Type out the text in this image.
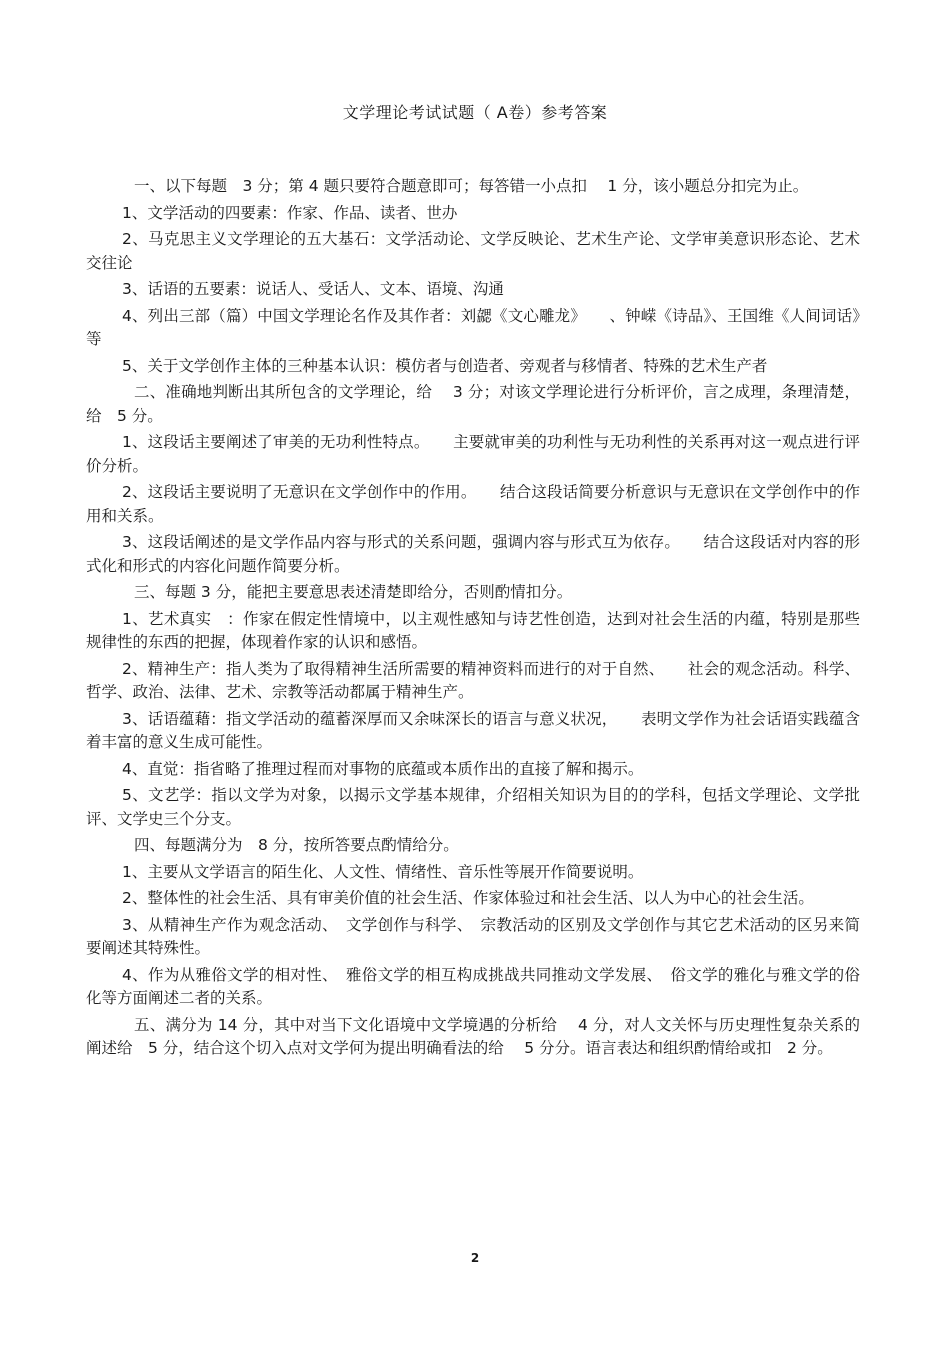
文学理论考试试题（ A卷）参考答案

一、以下每题　3 分；第 4 题只要符合题意即可；每答错一小点扣　 1 分，该小题总分扣完为止。

1、文学活动的四要素：作家、作品、读者、世办

2、马克思主义文学理论的五大基石：文学活动论、文学反映论、艺术生产论、文学审美意识形态论、艺术交往论

3、话语的五要素：说话人、受话人、文本、语境、沟通

4、列出三部（篇）中国文学理论名作及其作者：刘勰《文心雕龙》　　、钟嵘《诗品》、王国维《人间词话》等

5、关于文学创作主体的三种基本认识：模仿者与创造者、旁观者与移情者、特殊的艺术生产者

二、准确地判断出其所包含的文学理论，给　 3 分；对该文学理论进行分析评价，言之成理，条理清楚，给　5 分。

1、这段话主要阐述了审美的无功利性特点。　　主要就审美的功利性与无功利性的关系再对这一观点进行评价分析。

2、这段话主要说明了无意识在文学创作中的作用。　　结合这段话简要分析意识与无意识在文学创作中的作用和关系。

3、这段话阐述的是文学作品内容与形式的关系问题，强调内容与形式互为依存。　　结合这段话对内容的形式化和形式的内容化问题作简要分析。

三、每题 3 分，能把主要意思表述清楚即给分，否则酌情扣分。

1、艺术真实　：作家在假定性情境中，以主观性感知与诗艺性创造，达到对社会生活的内蕴，特别是那些规律性的东西的把握，体现着作家的认识和感悟。

2、精神生产：指人类为了取得精神生活所需要的精神资料而进行的对于自然、　　社会的观念活动。科学、哲学、政治、法律、艺术、宗教等活动都属于精神生产。

3、话语蕴藉：指文学活动的蕴蓄深厚而又余味深长的语言与意义状况，　　表明文学作为社会话语实践蕴含着丰富的意义生成可能性。

4、直觉：指省略了推理过程而对事物的底蕴或本质作出的直接了解和揭示。

5、文艺学：指以文学为对象，以揭示文学基本规律，介绍相关知识为目的的学科，包括文学理论、文学批评、文学史三个分支。

四、每题满分为　8 分，按所答要点酌情给分。

1、主要从文学语言的陌生化、人文性、情绪性、音乐性等展开作简要说明。

2、整体性的社会生活、具有审美价值的社会生活、作家体验过和社会生活、以人为中心的社会生活。

3、从精神生产作为观念活动、　文学创作与科学、　宗教活动的区别及文学创作与其它艺术活动的区另来简要阐述其特殊性。

4、作为从雅俗文学的相对性、　雅俗文学的相互构成挑战共同推动文学发展、　俗文学的雅化与雅文学的俗化等方面阐述二者的关系。

五、满分为 14 分，其中对当下文化语境中文学境遇的分析给　 4 分，对人文关怀与历史理性复杂关系的阐述给　5 分，结合这个切入点对文学何为提出明确看法的给　 5 分分。语言表达和组织酌情给或扣　2 分。

2
